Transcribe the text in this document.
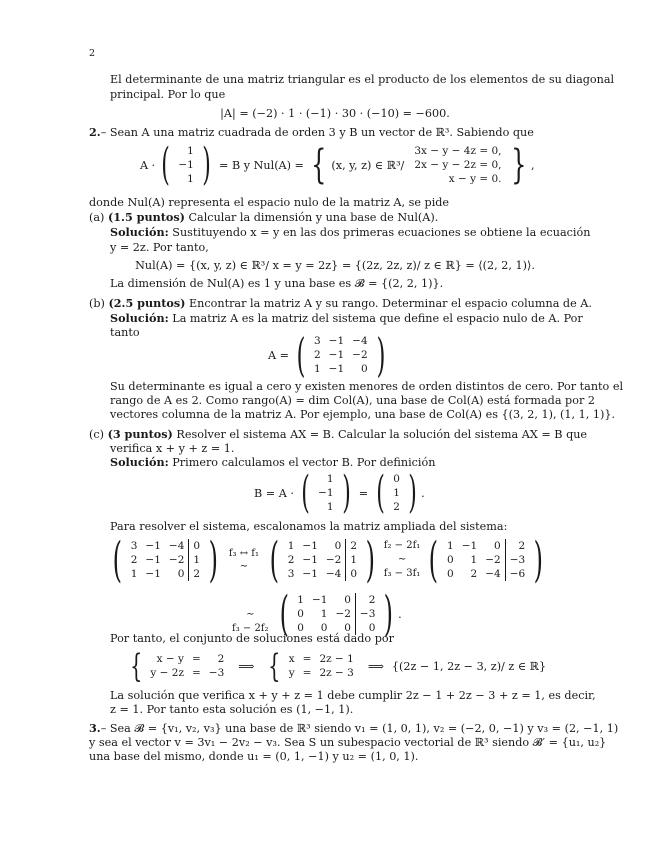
2
El determinante de una matriz triangular es el producto de los elementos de su diagonal
principal. Por lo que
|A| = (−2) · 1 · (−1) · 30 · (−10) = −600.
2.– Sean A una matriz cuadrada de orden 3 y B un vector de ℝ³. Sabiendo que
A · ( 1
−1
1 ) = B y Nul(A) = { (x, y, z) ∈ ℝ³/
3x − y − 4z = 0,
2x − y − 2z = 0,
x − y = 0. } ,
donde Nul(A) representa el espacio nulo de la matriz A, se pide
(a) (1.5 puntos) Calcular la dimensión y una base de Nul(A).
Solución: Sustituyendo x = y en las dos primeras ecuaciones se obtiene la ecuación
y = 2z. Por tanto,
Nul(A) = {(x, y, z) ∈ ℝ³/ x = y = 2z} = {(2z, 2z, z)/ z ∈ ℝ} = ⟨(2, 2, 1)⟩.
La dimensión de Nul(A) es 1 y una base es 𝓑 = {(2, 2, 1)}.
(b) (2.5 puntos) Encontrar la matriz A y su rango. Determinar el espacio columna de A.
Solución: La matriz A es la matriz del sistema que define el espacio nulo de A. Por
tanto
A = ( 3	−1	−4
2	−1	−2
1	−1	0 )
Su determinante es igual a cero y existen menores de orden distintos de cero. Por tanto el
rango de A es 2. Como rango(A) = dim Col(A), una base de Col(A) está formada por 2
vectores columna de la matriz A. Por ejemplo, una base de Col(A) es {(3, 2, 1), (1, 1, 1)}.
(c) (3 puntos) Resolver el sistema AX = B. Calcular la solución del sistema AX = B que
verifica x + y + z = 1.
Solución: Primero calculamos el vector B. Por definición
B = A · ( 1
−1
1 ) = ( 0
1
2 ) .
Para resolver el sistema, escalonamos la matriz ampliada del sistema:
( 3	−1	−4	0
2	−1	−2	1
1	−1	0	2 ) f₃ ↔ f₁
∼ ( 1	−1	0	2
2	−1	−2	1
3	−1	−4	0 ) f₂ − 2f₁
∼
f₃ − 3f₁ ( 1	−1	0	2
0	1	−2	−3
0	2	−4	−6 )
∼
f₃ − 2f₂ ( 1	−1	0	2
0	1	−2	−3
0	0	0	0 ) .
Por tanto, el conjunto de soluciones está dado por
{ x − y	=	2
y − 2z	=	−3
⟹ { x	=	2z − 1
y	=	2z − 3
⟹ {(2z − 1, 2z − 3, z)/ z ∈ ℝ}
La solución que verifica x + y + z = 1 debe cumplir 2z − 1 + 2z − 3 + z = 1, es decir,
z = 1. Por tanto esta solución es (1, −1, 1).
3.– Sea 𝓑 = {v₁, v₂, v₃} una base de ℝ³ siendo v₁ = (1, 0, 1), v₂ = (−2, 0, −1) y v₃ = (2, −1, 1)
y sea el vector v = 3v₁ − 2v₂ − v₃. Sea S un subespacio vectorial de ℝ³ siendo 𝓑′ = {u₁, u₂}
una base del mismo, donde u₁ = (0, 1, −1) y u₂ = (1, 0, 1).
